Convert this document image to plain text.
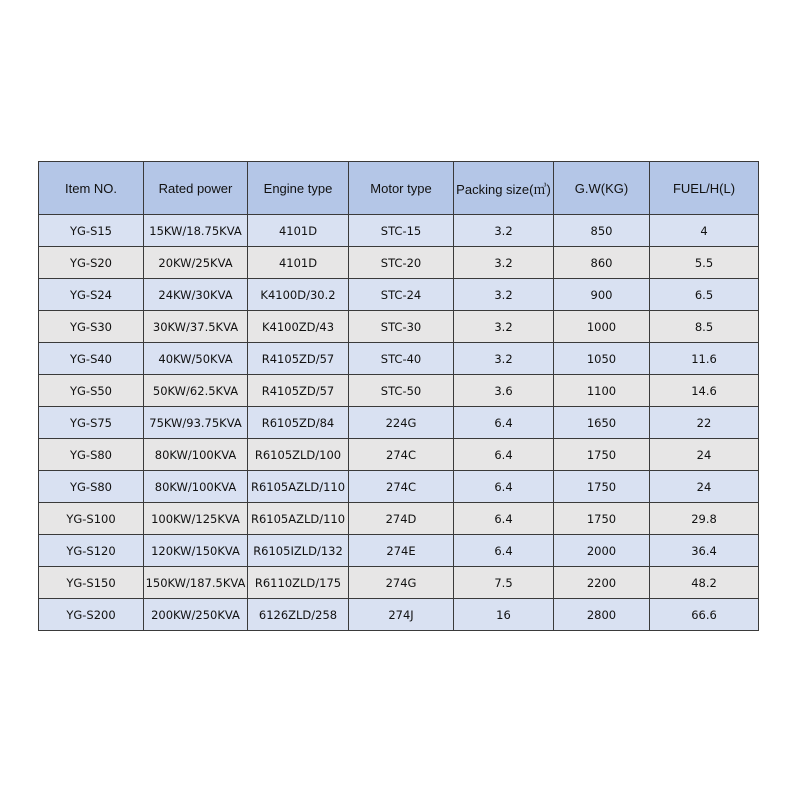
Item NO.	Rated power	Engine type	Motor type	Packing size(㎥)	G.W(KG)	FUEL/H(L)
YG-S15	15KW/18.75KVA	4101D	STC-15	3.2	850	4
YG-S20	20KW/25KVA	4101D	STC-20	3.2	860	5.5
YG-S24	24KW/30KVA	K4100D/30.2	STC-24	3.2	900	6.5
YG-S30	30KW/37.5KVA	K4100ZD/43	STC-30	3.2	1000	8.5
YG-S40	40KW/50KVA	R4105ZD/57	STC-40	3.2	1050	11.6
YG-S50	50KW/62.5KVA	R4105ZD/57	STC-50	3.6	1100	14.6
YG-S75	75KW/93.75KVA	R6105ZD/84	224G	6.4	1650	22
YG-S80	80KW/100KVA	R6105ZLD/100	274C	6.4	1750	24
YG-S80	80KW/100KVA	R6105AZLD/110	274C	6.4	1750	24
YG-S100	100KW/125KVA	R6105AZLD/110	274D	6.4	1750	29.8
YG-S120	120KW/150KVA	R6105IZLD/132	274E	6.4	2000	36.4
YG-S150	150KW/187.5KVA	R6110ZLD/175	274G	7.5	2200	48.2
YG-S200	200KW/250KVA	6126ZLD/258	274J	16	2800	66.6
